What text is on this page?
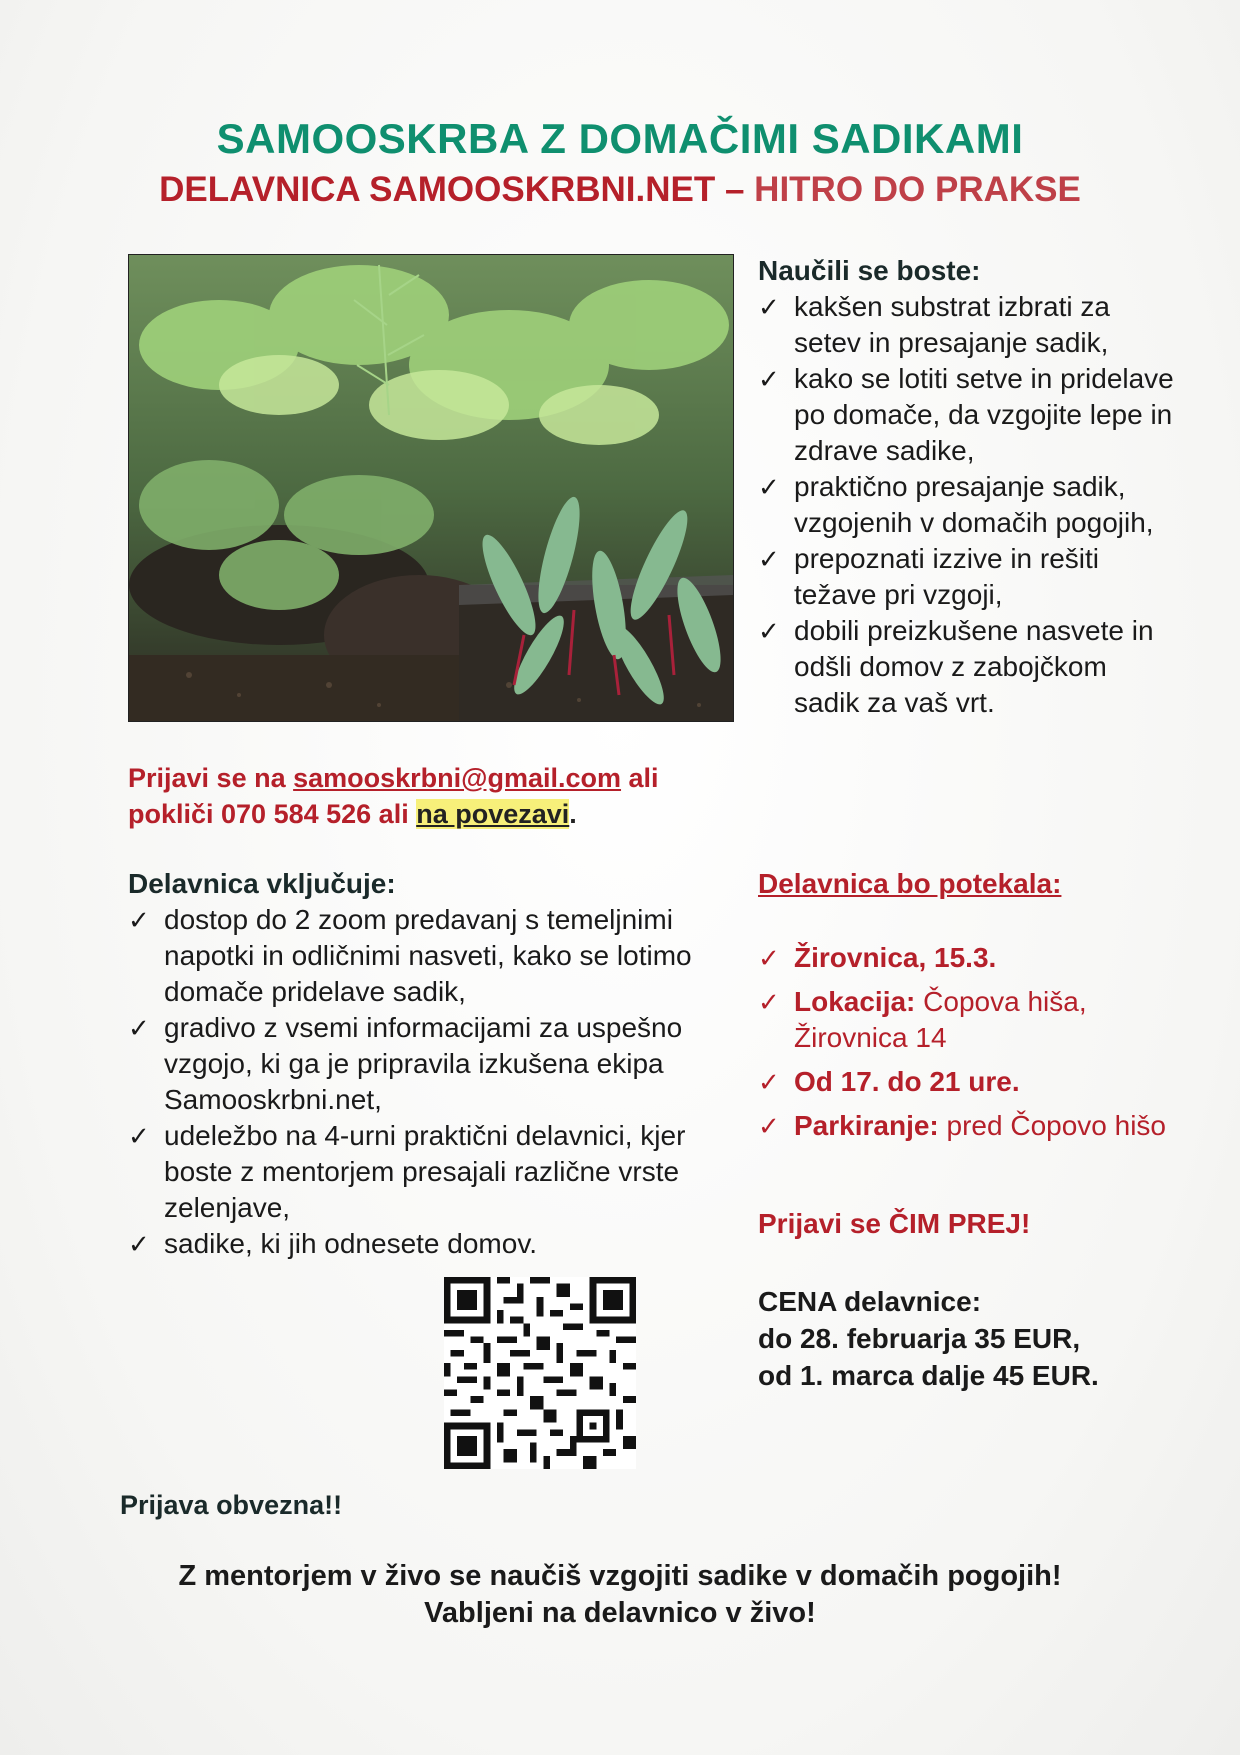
SAMOOSKRBA Z DOMAČIMI SADIKAMI
DELAVNICA SAMOOSKRBNI.NET – HITRO DO PRAKSE

Naučili se boste:

✓ kakšen substrat izbrati za setev in presajanje sadik,
✓ kako se lotiti setve in pridelave po domače, da vzgojite lepe in zdrave sadike,
✓ praktično presajanje sadik, vzgojenih v domačih pogojih,
✓ prepoznati izzive in rešiti težave pri vzgoji,
✓ dobili preizkušene nasvete in odšli domov z zabojčkom sadik za vaš vrt.
Prijavi se na samooskrbni@gmail.com ali pokliči 070 584 526 ali na povezavi.

Delavnica vključuje:

✓ dostop do 2 zoom predavanj s temeljnimi napotki in odličnimi nasveti, kako se lotimo domače pridelave sadik,
✓ gradivo z vsemi informacijami za uspešno vzgojo, ki ga je pripravila izkušena ekipa Samooskrbni.net,
✓ udeležbo na 4-urni praktični delavnici, kjer boste z mentorjem presajali različne vrste zelenjave,
✓ sadike, ki jih odnesete domov.
Delavnica bo potekala:
✓ Žirovnica, 15.3.
✓ Lokacija: Čopova hiša, Žirovnica 14
✓ Od 17. do 21 ure.
✓ Parkiranje: pred Čopovo hišo
Prijavi se ČIM PREJ!
CENA delavnice:
do 28. februarja 35 EUR,
od 1. marca dalje 45 EUR.
Prijava obvezna!!
Z mentorjem v živo se naučiš vzgojiti sadike v domačih pogojih!
Vabljeni na delavnico v živo!
